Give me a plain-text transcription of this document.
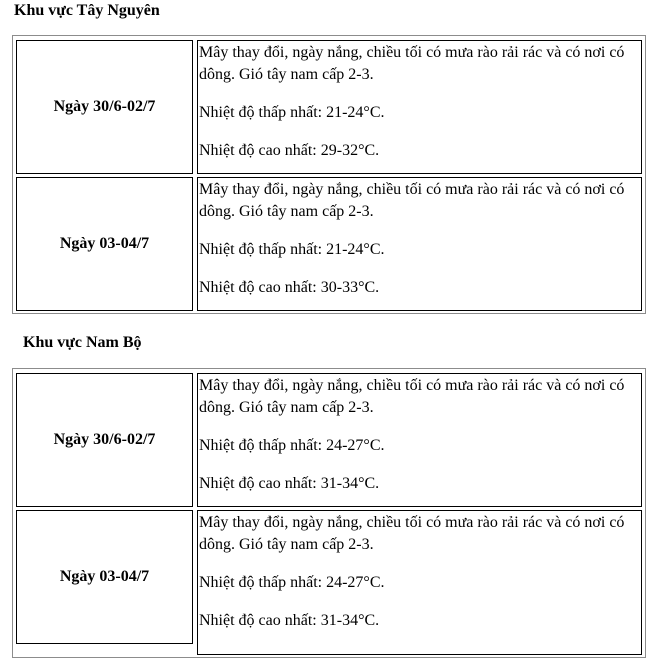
Khu vực Tây Nguyên
Ngày 30/6-02/7

Mây thay đổi, ngày nắng, chiều tối có mưa rào rải rác và có nơi có dông. Gió tây nam cấp 2-3.

Nhiệt độ thấp nhất: 21-24°C.

Nhiệt độ cao nhất: 29-32°C.

Ngày 03-04/7

Mây thay đổi, ngày nắng, chiều tối có mưa rào rải rác và có nơi có dông. Gió tây nam cấp 2-3.

Nhiệt độ thấp nhất: 21-24°C.

Nhiệt độ cao nhất: 30-33°C.

Khu vực Nam Bộ
Ngày 30/6-02/7

Mây thay đổi, ngày nắng, chiều tối có mưa rào rải rác và có nơi có dông. Gió tây nam cấp 2-3.

Nhiệt độ thấp nhất: 24-27°C.

Nhiệt độ cao nhất: 31-34°C.

Ngày 03-04/7

Mây thay đổi, ngày nắng, chiều tối có mưa rào rải rác và có nơi có dông. Gió tây nam cấp 2-3.

Nhiệt độ thấp nhất: 24-27°C.

Nhiệt độ cao nhất: 31-34°C.
